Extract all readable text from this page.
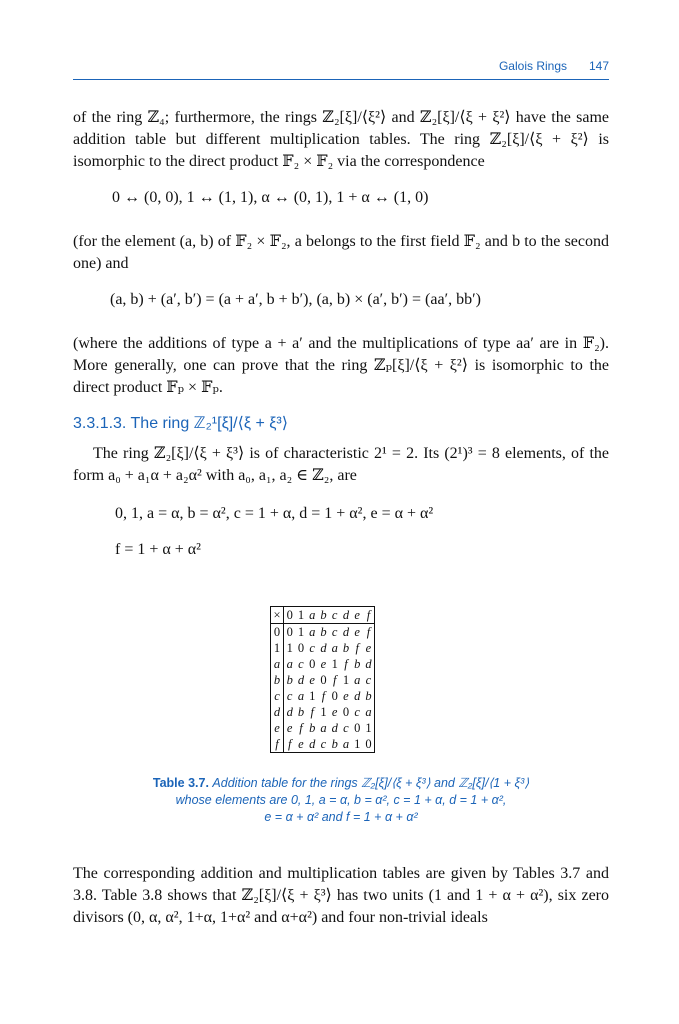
Galois Rings 147

of the ring ℤ₄; furthermore, the rings ℤ₂[ξ]/⟨ξ²⟩ and ℤ₂[ξ]/⟨ξ + ξ²⟩ have the same addition table but different multiplication tables. The ring ℤ₂[ξ]/⟨ξ + ξ²⟩ is isomorphic to the direct product 𝔽₂ × 𝔽₂ via the correspondence

0 ↔ (0, 0), 1 ↔ (1, 1), α ↔ (0, 1), 1 + α ↔ (1, 0)

(for the element (a, b) of 𝔽₂ × 𝔽₂, a belongs to the first field 𝔽₂ and b to the second one) and

(a, b) + (a′, b′) = (a + a′, b + b′), (a, b) × (a′, b′) = (aa′, bb′)

(where the additions of type a + a′ and the multiplications of type aa′ are in 𝔽₂). More generally, one can prove that the ring ℤₚ[ξ]/⟨ξ + ξ²⟩ is isomorphic to the direct product 𝔽ₚ × 𝔽ₚ.

3.3.1.3. The ring ℤ₂¹[ξ]/⟨ξ + ξ³⟩

The ring ℤ₂[ξ]/⟨ξ + ξ³⟩ is of characteristic 2¹ = 2. Its (2¹)³ = 8 elements, of the form a₀ + a₁α + a₂α² with a₀, a₁, a₂ ∈ ℤ₂, are

0, 1, a = α, b = α², c = 1 + α, d = 1 + α², e = α + α²

f = 1 + α + α²

×	0	1	a	b	c	d	e	f
0	0	1	a	b	c	d	e	f
1	1	0	c	d	a	b	f	e
a	a	c	0	e	1	f	b	d
b	b	d	e	0	f	1	a	c
c	c	a	1	f	0	e	d	b
d	d	b	f	1	e	0	c	a
e	e	f	b	a	d	c	0	1
f	f	e	d	c	b	a	1	0
Table 3.7. Addition table for the rings ℤ₂[ξ]/⟨ξ + ξ³⟩ and ℤ₂[ξ]/⟨1 + ξ³⟩
whose elements are 0, 1, a = α, b = α², c = 1 + α, d = 1 + α²,
e = α + α² and f = 1 + α + α²

The corresponding addition and multiplication tables are given by Tables 3.7 and 3.8. Table 3.8 shows that ℤ₂[ξ]/⟨ξ + ξ³⟩ has two units (1 and 1 + α + α²), six zero divisors (0, α, α², 1+α, 1+α² and α+α²) and four non-trivial ideals
